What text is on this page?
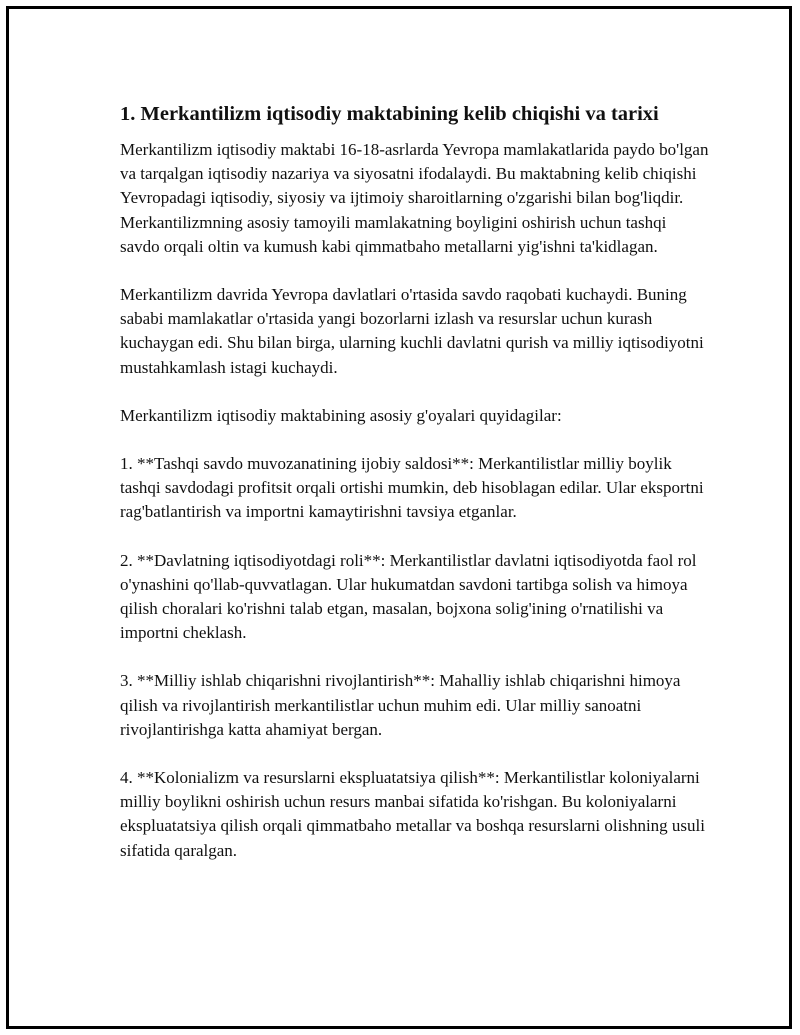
1. Merkantilizm iqtisodiy maktabining kelib chiqishi va tarixi

Merkantilizm iqtisodiy maktabi 16-18-asrlarda Yevropa mamlakatlarida paydo bo'lgan va tarqalgan iqtisodiy nazariya va siyosatni ifodalaydi. Bu maktabning kelib chiqishi Yevropadagi iqtisodiy, siyosiy va ijtimoiy sharoitlarning o'zgarishi bilan bog'liqdir. Merkantilizmning asosiy tamoyili mamlakatning boyligini oshirish uchun tashqi savdo orqali oltin va kumush kabi qimmatbaho metallarni yig'ishni ta'kidlagan.

Merkantilizm davrida Yevropa davlatlari o'rtasida savdo raqobati kuchaydi. Buning sababi mamlakatlar o'rtasida yangi bozorlarni izlash va resurslar uchun kurash kuchaygan edi. Shu bilan birga, ularning kuchli davlatni qurish va milliy iqtisodiyotni mustahkamlash istagi kuchaydi.

Merkantilizm iqtisodiy maktabining asosiy g'oyalari quyidagilar:

1. **Tashqi savdo muvozanatining ijobiy saldosi**: Merkantilistlar milliy boylik tashqi savdodagi profitsit orqali ortishi mumkin, deb hisoblagan edilar. Ular eksportni rag'batlantirish va importni kamaytirishni tavsiya etganlar.

2. **Davlatning iqtisodiyotdagi roli**: Merkantilistlar davlatni iqtisodiyotda faol rol o'ynashini qo'llab-quvvatlagan. Ular hukumatdan savdoni tartibga solish va himoya qilish choralari ko'rishni talab etgan, masalan, bojxona solig'ining o'rnatilishi va importni cheklash.

3. **Milliy ishlab chiqarishni rivojlantirish**: Mahalliy ishlab chiqarishni himoya qilish va rivojlantirish merkantilistlar uchun muhim edi. Ular milliy sanoatni rivojlantirishga katta ahamiyat bergan.

4. **Kolonializm va resurslarni ekspluatatsiya qilish**: Merkantilistlar koloniyalarni milliy boylikni oshirish uchun resurs manbai sifatida ko'rishgan. Bu koloniyalarni ekspluatatsiya qilish orqali qimmatbaho metallar va boshqa resurslarni olishning usuli sifatida qaralgan.
